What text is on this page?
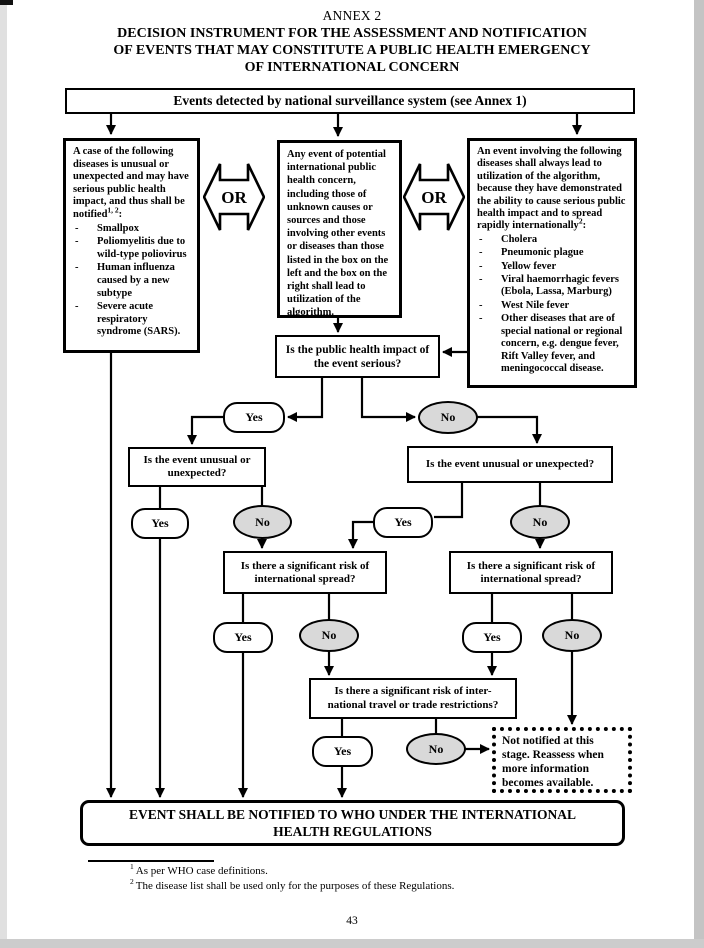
ANNEX 2
DECISION INSTRUMENT FOR THE ASSESSMENT AND NOTIFICATION
OF EVENTS THAT MAY CONSTITUTE A PUBLIC HEALTH EMERGENCY
OF INTERNATIONAL CONCERN
Events detected by national surveillance system (see Annex 1)
A case of the following diseases is unusual or unexpected and may have serious public health impact, and thus shall be notified$^{1, 2}$:
-	Smallpox
-	Poliomyelitis due to wild-type poliovirus
-	Human influenza caused by a new subtype
-	Severe acute respiratory syndrome (SARS).
OR	OR
Any event of potential international public health concern, including those of unknown causes or sources and those involving other events or diseases than those listed in the box on the left and the box on the right shall lead to utilization of the algorithm.
An event involving the following diseases shall always lead to utilization of the algorithm, because they have demonstrated the ability to cause serious public health impact and to spread rapidly internationally$^2$:
-	Cholera
-	Pneumonic plague
-	Yellow fever
-	Viral haemorrhagic fevers (Ebola, Lassa, Marburg)
-	West Nile fever
-	Other diseases that are of special national or regional concern, e.g. dengue fever, Rift Valley fever, and meningococcal disease.
Is the public health impact of the event serious?
Is the event unusual or unexpected?
Is the event unusual or unexpected?
Is there a significant risk of international spread?
Is there a significant risk of international spread?
Is there a significant risk of inter-
national travel or trade restrictions?
Yes	No
Yes	No	Yes	No
Yes	No	Yes	No
Yes	No
Not notified at this stage. Reassess when more information becomes available.
EVENT SHALL BE NOTIFIED TO WHO UNDER THE INTERNATIONAL HEALTH REGULATIONS
$^1$ As per WHO case definitions.
$^2$ The disease list shall be used only for the purposes of these Regulations.
43
